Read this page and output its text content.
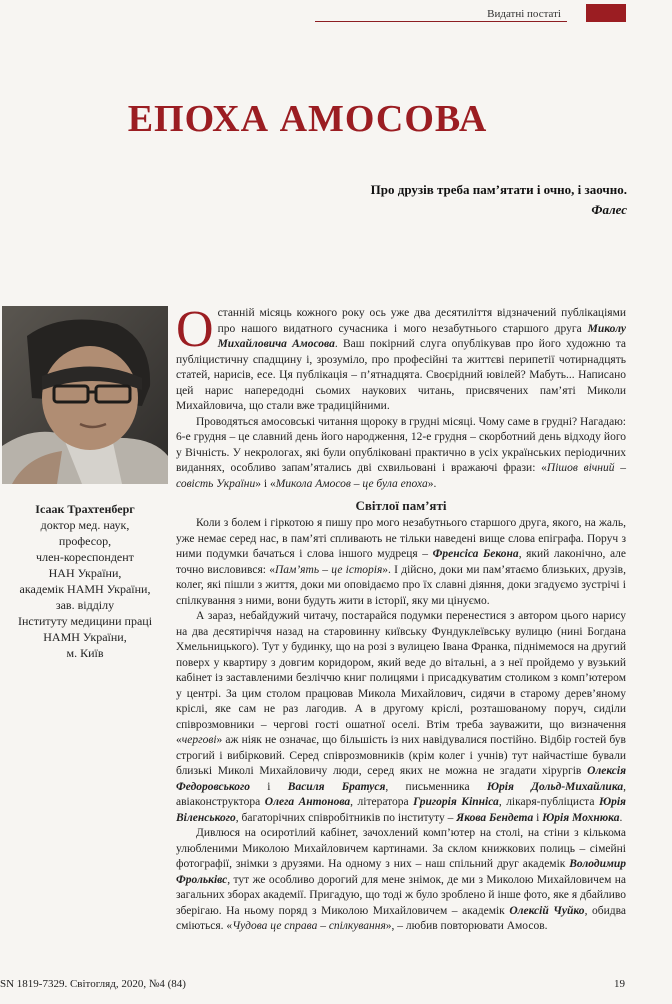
Видатні постаті
ЕПОХА АМОСОВА
Про друзів треба пам’ятати і очно, і заочно.
Фалес
Ісаак Трахтенберг
доктор мед. наук,
професор,
член-кореспондент
НАН України,
академік НАМН України,
зав. відділу
Інституту медицини праці
НАМН України,
м. Київ

Останній місяць кожного року ось уже два десятиліття відзначений публікаціями про нашого видатного сучасника і мого незабутнього старшого друга Миколу Михайловича Амосова. Ваш покірний слуга опублікував про його художню та публіцистичну спадщину і, зрозуміло, про професійні та життєві перипетії чотирнадцять статей, нарисів, есе. Ця публікація – п’ятнадцята. Своєрідний ювілей? Мабуть... Написано цей нарис напередодні сьомих наукових читань, присвячених пам’яті Миколи Михайловича, що стали вже традиційними.

Проводяться амосовські читання щороку в грудні місяці. Чому саме в грудні? Нагадаю: 6-е грудня – це славний день його народження, 12-е грудня – скорботний день відходу його у Вічність. У некрологах, які були опубліковані практично в усіх українських періодичних виданнях, особливо запам’ятались дві схвильовані і вражаючі фрази: «Пішов вічний – совість України» і «Микола Амосов – це була епоха».

Світлої пам’яті

Коли з болем і гіркотою я пишу про мого незабутнього старшого друга, якого, на жаль, уже немає серед нас, в пам’яті спливають не тільки наведені вище слова епіграфа. Поруч з ними подумки бачаться і слова іншого мудреця – Френсіса Бекона, який лаконічно, але точно висловився: «Пам’ять – це історія». І дійсно, доки ми пам’ятаємо близьких, друзів, колег, які пішли з життя, доки ми оповідаємо про їх славні діяння, доки згадуємо зустрічі і спілкування з ними, вони будуть жити в історії, яку ми цінуємо.

А зараз, небайдужий читачу, постарайся подумки перенестися з автором цього нарису на два десятиріччя назад на старовинну київську Фундуклеївську вулицю (нині Богдана Хмельницького). Тут у будинку, що на розі з вулицею Івана Франка, піднімемося на другий поверх у квартиру з довгим коридором, який веде до вітальні, а з неї пройдемо у вузький кабінет із заставленими безліччю книг полицями і присадкуватим столиком з комп’ютером у центрі. За цим столом працював Микола Михайлович, сидячи в старому дерев’яному кріслі, яке сам не раз лагодив. А в другому кріслі, розташованому поруч, сиділи співрозмовники – чергові гості ошатної оселі. Втім треба зауважити, що визначення «чергові» аж ніяк не означає, що більшість із них навідувалися постійно. Відбір гостей був строгий і вибірковий. Серед співрозмовників (крім колег і учнів) тут найчастіше бували близькі Миколі Михайловичу люди, серед яких не можна не згадати хірургів Олексія Федоровського і Василя Братуся, письменника Юрія Дольд-Михайлика, авіаконструктора Олега Антонова, літератора Григорія Кіпніса, лікаря-публіциста Юрія Віленського, багаторічних співробітників по інституту – Якова Бендета і Юрія Мохнюка.

Дивлюся на осиротілий кабінет, зачохлений комп’ютер на столі, на стіни з кількома улюбленими Миколою Михайловичем картинами. За склом книжкових полиць – сімейні фотографії, знімки з друзями. На одному з них – наш спільний друг академік Володимир Фрольківс, тут же особливо дорогий для мене знімок, де ми з Миколою Михайловичем на загальних зборах академії. Пригадую, що тоді ж було зроблено й інше фото, яке я дбайливо зберігаю. На ньому поряд з Миколою Михайловичем – академік Олексій Чуйко, обидва сміються. «Чудова це справа – спілкування», – любив повторювати Амосов.

SN 1819-7329. Світогляд, 2020, №4 (84)	19
